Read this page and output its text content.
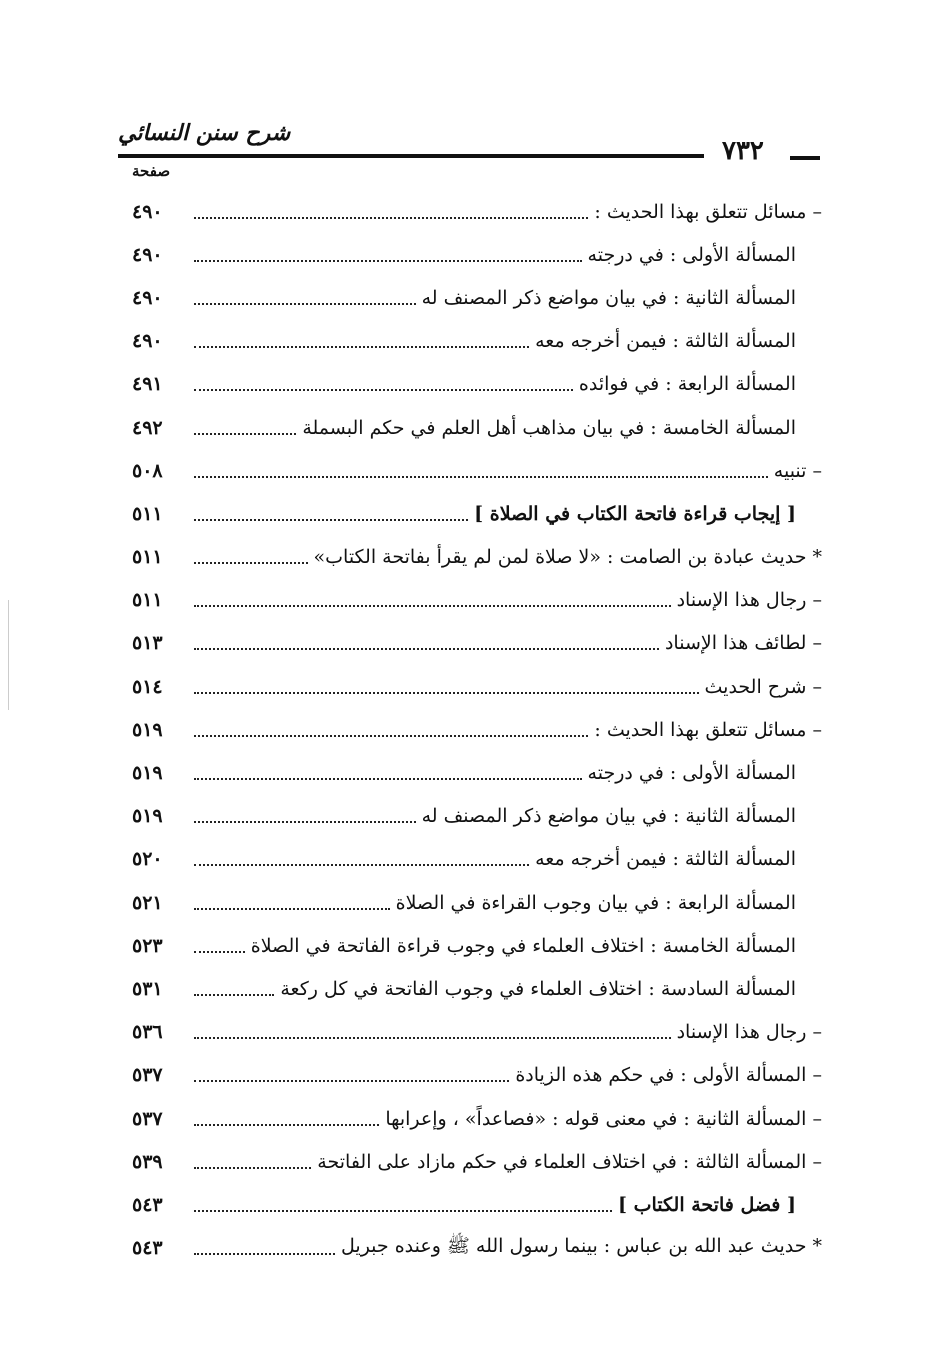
٧٣٢
شرح سنن النسائي
صفحة
٤٩٠	– مسائل تتعلق بهذا الحديث :
٤٩٠	المسألة الأولى : في درجته
٤٩٠	المسألة الثانية : في بيان مواضع ذكر المصنف له
٤٩٠	المسألة الثالثة : فيمن أخرجه معه
٤٩١	المسألة الرابعة : في فوائده
٤٩٢	المسألة الخامسة : في بيان مذاهب أهل العلم في حكم البسملة
٥٠٨	– تنبيه
٥١١	[ إيجاب قراءة فاتحة الكتاب في الصلاة ]
٥١١	* حديث عبادة بن الصامت : «لا صلاة لمن لم يقرأ بفاتحة الكتاب»
٥١١	– رجال هذا الإسناد
٥١٣	– لطائف هذا الإسناد
٥١٤	– شرح الحديث
٥١٩	– مسائل تتعلق بهذا الحديث :
٥١٩	المسألة الأولى : في درجته
٥١٩	المسألة الثانية : في بيان مواضع ذكر المصنف له
٥٢٠	المسألة الثالثة : فيمن أخرجه معه
٥٢١	المسألة الرابعة : في بيان وجوب القراءة في الصلاة
٥٢٣	المسألة الخامسة : اختلاف العلماء في وجوب قراءة الفاتحة في الصلاة
٥٣١	المسألة السادسة : اختلاف العلماء في وجوب الفاتحة في كل ركعة
٥٣٦	– رجال هذا الإسناد
٥٣٧	– المسألة الأولى : في حكم هذه الزيادة
٥٣٧	– المسألة الثانية : في معنى قوله : «فصاعداً» ، وإعرابها
٥٣٩	– المسألة الثالثة : في اختلاف العلماء في حكم مازاد على الفاتحة
٥٤٣	[ فضل فاتحة الكتاب ]
٥٤٣	* حديث عبد الله بن عباس : بينما رسول الله ﷺ وعنده جبريل
